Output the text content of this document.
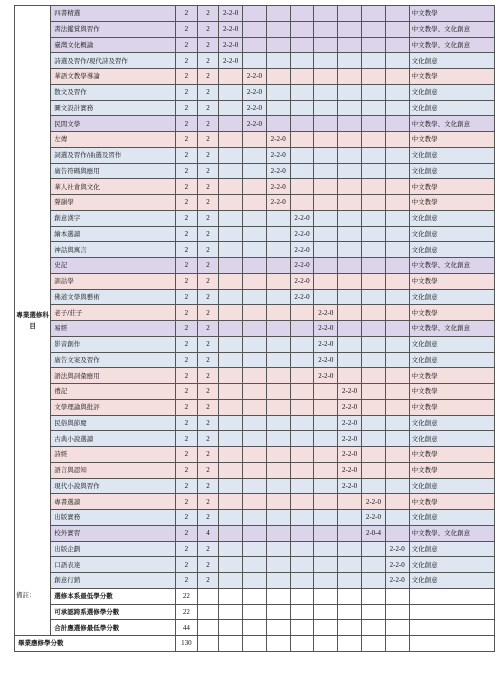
專業選修科目	四書精選	2	2	2-2-0								中文教學
	書法鑑賞與習作	2	2	2-2-0								中文教學、文化創意
	臺灣文化概論	2	2	2-2-0								中文教學、文化創意
	詩選及習作/現代詩及習作	2	2	2-2-0								文化創意
	華語文教學導論	2	2		2-2-0							中文教學
	散文及習作	2	2		2-2-0							文化創意
	圖文設計實務	2	2		2-2-0							文化創意
	民間文學	2	2		2-2-0							中文教學、文化創意
	左傳	2	2			2-2-0						中文教學
	詞選及習作/曲選及習作	2	2			2-2-0						文化創意
	廣告符碼與應用	2	2			2-2-0						文化創意
	華人社會與文化	2	2			2-2-0						中文教學
	聲韻學	2	2			2-2-0						中文教學
	創意漢字	2	2				2-2-0					文化創意
	繪本選讀	2	2				2-2-0					文化創意
	神話與寓言	2	2				2-2-0					文化創意
	史記	2	2				2-2-0					中文教學、文化創意
	訓詁學	2	2				2-2-0					中文教學
	佛道文學與藝術	2	2				2-2-0					文化創意
	老子/莊子	2	2					2-2-0				中文教學
	易經	2	2					2-2-0				中文教學、文化創意
	影音創作	2	2					2-2-0				文化創意
	廣告文案及習作	2	2					2-2-0				文化創意
	語法與詞彙應用	2	2					2-2-0				中文教學
	禮記	2	2						2-2-0			中文教學
	文學理論與批評	2	2						2-2-0			中文教學
	民俗與節慶	2	2						2-2-0			文化創意
	古典小說選讀	2	2						2-2-0			文化創意
	詩經	2	2						2-2-0			中文教學
	語言與認知	2	2						2-2-0			中文教學
	現代小說與習作	2	2						2-2-0			文化創意
	專書選讀	2	2							2-2-0		中文教學
	出版實務	2	2							2-2-0		文化創意
	校外實習	2	4							2-0-4		中文教學、文化創意
	出版企劃	2	2								2-2-0	文化創意
	口語表達	2	2								2-2-0	文化創意
	創意行銷	2	2								2-2-0	文化創意
	選修本系最低學分數	22										
	可承認跨系選修學分數	22										
	合計應選修最低學分數	44										
畢業應修學分數		130										
備註：
